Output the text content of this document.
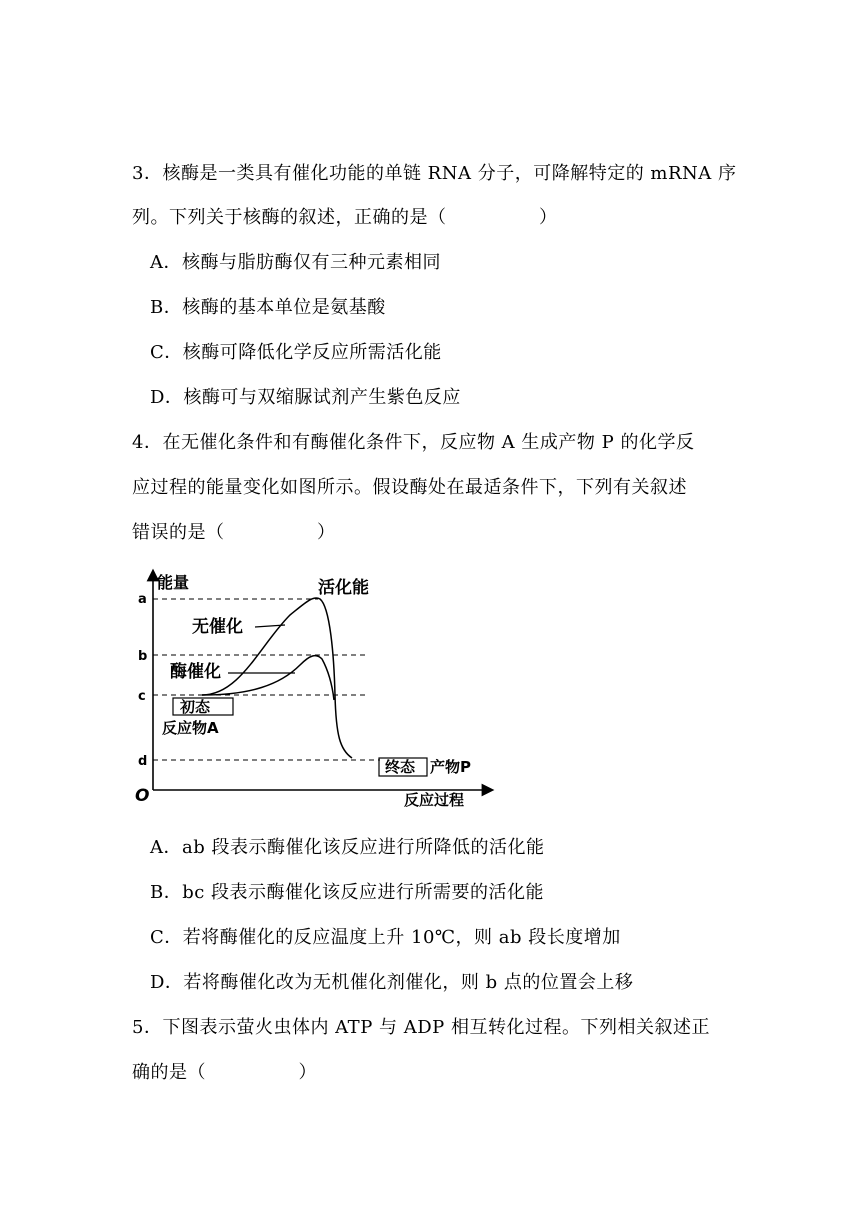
3．核酶是一类具有催化功能的单链 RNA 分子，可降解特定的 mRNA 序
列。下列关于核酶的叙述，正确的是（　　　　　）
A．核酶与脂肪酶仅有三种元素相同
B．核酶的基本单位是氨基酸
C．核酶可降低化学反应所需活化能
D．核酶可与双缩脲试剂产生紫色反应
4．在无催化条件和有酶催化条件下，反应物 A 生成产物 P 的化学反
应过程的能量变化如图所示。假设酶处在最适条件下，下列有关叙述
错误的是（　　　　　）
能量
O	反应过程
a
b
c
d
活化能
无催化
酶催化
初态
反应物A
终态 产物P
A．ab 段表示酶催化该反应进行所降低的活化能
B．bc 段表示酶催化该反应进行所需要的活化能
C．若将酶催化的反应温度上升 10℃，则 ab 段长度增加
D．若将酶催化改为无机催化剂催化，则 b 点的位置会上移
5．下图表示萤火虫体内 ATP 与 ADP 相互转化过程。下列相关叙述正
确的是（　　　　　）
